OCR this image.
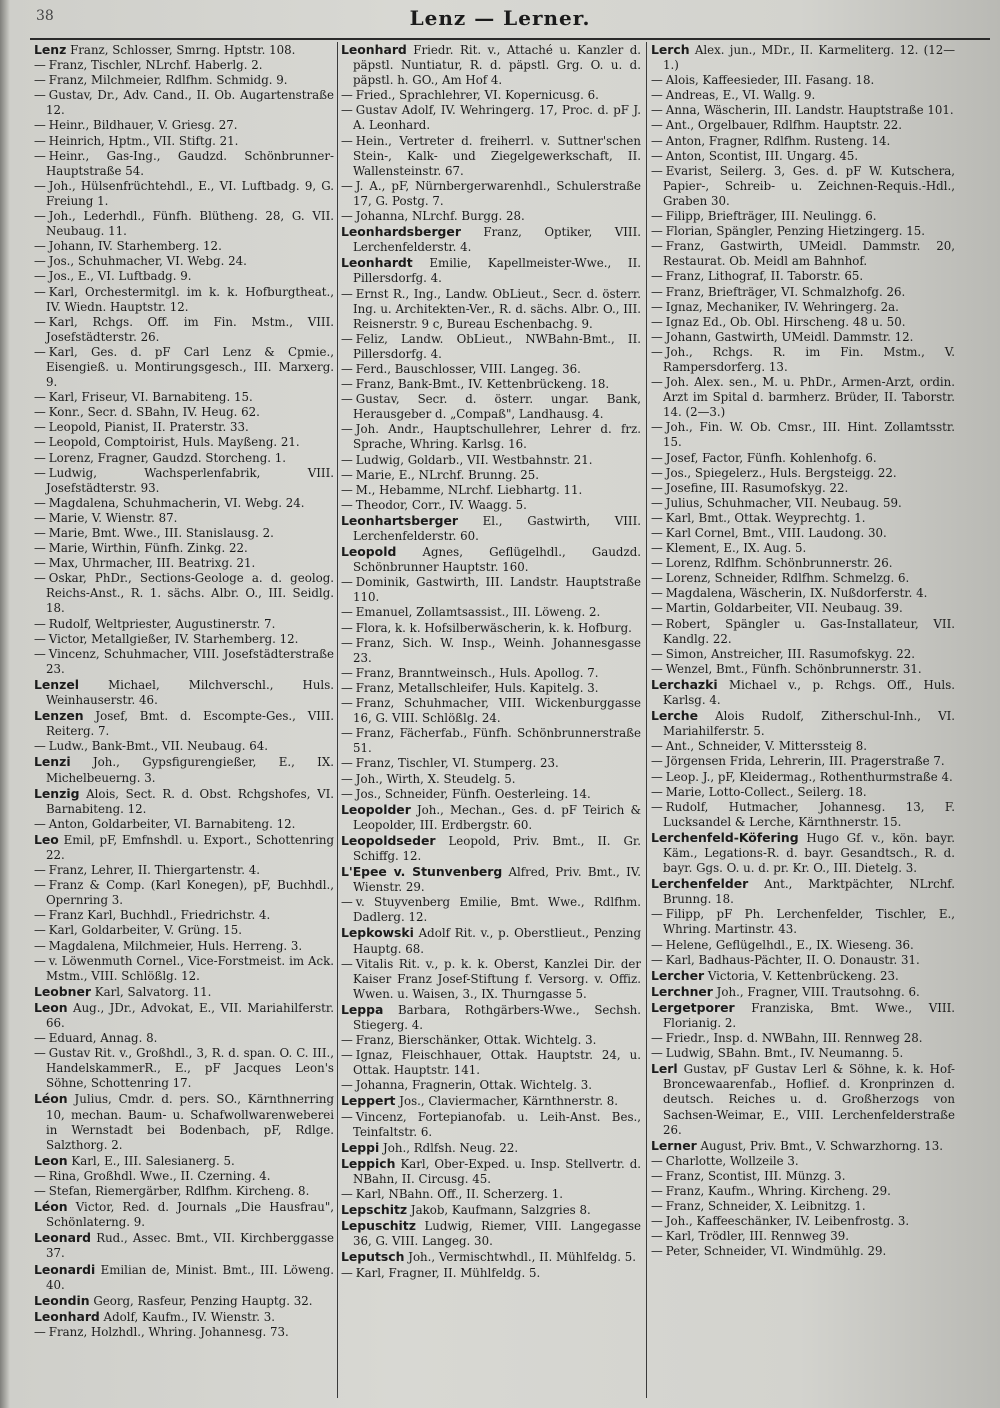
38	Lenz — Lerner.

Lenz Franz, Schlosser, Smrng. Hptstr. 108.

— Franz, Tischler, NLrchf. Haberlg. 2.

— Franz, Milchmeier, Rdlfhm. Schmidg. 9.

— Gustav, Dr., Adv. Cand., II. Ob. Augartenstraße 12.

— Heinr., Bildhauer, V. Griesg. 27.

— Heinrich, Hptm., VII. Stiftg. 21.

— Heinr., Gas-Ing., Gaudzd. Schönbrunner-Hauptstraße 54.

— Joh., Hülsenfrüchtehdl., E., VI. Luftbadg. 9, G. Freiung 1.

— Joh., Lederhdl., Fünfh. Blütheng. 28, G. VII. Neubaug. 11.

— Johann, IV. Starhemberg. 12.

— Jos., Schuhmacher, VI. Webg. 24.

— Jos., E., VI. Luftbadg. 9.

— Karl, Orchestermitgl. im k. k. Hofburgtheat., IV. Wiedn. Hauptstr. 12.

— Karl, Rchgs. Off. im Fin. Mstm., VIII. Josefstädterstr. 26.

— Karl, Ges. d. pF Carl Lenz & Cpmie., Eisengieß. u. Montirungsgesch., III. Marxerg. 9.

— Karl, Friseur, VI. Barnabiteng. 15.

— Konr., Secr. d. SBahn, IV. Heug. 62.

— Leopold, Pianist, II. Praterstr. 33.

— Leopold, Comptoirist, Huls. Mayßeng. 21.

— Lorenz, Fragner, Gaudzd. Storcheng. 1.

— Ludwig, Wachsperlenfabrik, VIII. Josefstädterstr. 93.

— Magdalena, Schuhmacherin, VI. Webg. 24.

— Marie, V. Wienstr. 87.

— Marie, Bmt. Wwe., III. Stanislausg. 2.

— Marie, Wirthin, Fünfh. Zinkg. 22.

— Max, Uhrmacher, III. Beatrixg. 21.

— Oskar, PhDr., Sections-Geologe a. d. geolog. Reichs-Anst., R. 1. sächs. Albr. O., III. Seidlg. 18.

— Rudolf, Weltpriester, Augustinerstr. 7.

— Victor, Metallgießer, IV. Starhemberg. 12.

— Vincenz, Schuhmacher, VIII. Josefstädterstraße 23.

Lenzel Michael, Milchverschl., Huls. Weinhauserstr. 46.

Lenzen Josef, Bmt. d. Escompte-Ges., VIII. Reiterg. 7.

— Ludw., Bank-Bmt., VII. Neubaug. 64.

Lenzi Joh., Gypsfigurengießer, E., IX. Michelbeuerng. 3.

Lenzig Alois, Sect. R. d. Obst. Rchgshofes, VI. Barnabiteng. 12.

— Anton, Goldarbeiter, VI. Barnabiteng. 12.

Leo Emil, pF, Emfnshdl. u. Export., Schottenring 22.

— Franz, Lehrer, II. Thiergartenstr. 4.

— Franz & Comp. (Karl Konegen), pF, Buchhdl., Opernring 3.

— Franz Karl, Buchhdl., Friedrichstr. 4.

— Karl, Goldarbeiter, V. Grüng. 15.

— Magdalena, Milchmeier, Huls. Herreng. 3.

— v. Löwenmuth Cornel., Vice-Forstmeist. im Ack. Mstm., VIII. Schlößlg. 12.

Leobner Karl, Salvatorg. 11.

Leon Aug., JDr., Advokat, E., VII. Mariahilferstr. 66.

— Eduard, Annag. 8.

— Gustav Rit. v., Großhdl., 3, R. d. span. O. C. III., HandelskammerR., E., pF Jacques Leon's Söhne, Schottenring 17.

Léon Julius, Cmdr. d. pers. SO., Kärnthnerring 10, mechan. Baum- u. Schafwollwarenweberei in Wernstadt bei Bodenbach, pF, Rdlge. Salzthorg. 2.

Leon Karl, E., III. Salesianerg. 5.

— Rina, Großhdl. Wwe., II. Czerning. 4.

— Stefan, Riemergärber, Rdlfhm. Kircheng. 8.

Léon Victor, Red. d. Journals „Die Hausfrau", Schönlaterng. 9.

Leonard Rud., Assec. Bmt., VII. Kirchberggasse 37.

Leonardi Emilian de, Minist. Bmt., III. Löweng. 40.

Leondin Georg, Rasfeur, Penzing Hauptg. 32.

Leonhard Adolf, Kaufm., IV. Wienstr. 3.

— Franz, Holzhdl., Whring. Johannesg. 73.

Leonhard Friedr. Rit. v., Attaché u. Kanzler d. päpstl. Nuntiatur, R. d. päpstl. Grg. O. u. d. päpstl. h. GO., Am Hof 4.

— Fried., Sprachlehrer, VI. Kopernicusg. 6.

— Gustav Adolf, IV. Wehringerg. 17, Proc. d. pF J. A. Leonhard.

— Hein., Vertreter d. freiherrl. v. Suttner'schen Stein-, Kalk- und Ziegelgewerkschaft, II. Wallensteinstr. 67.

— J. A., pF, Nürnbergerwarenhdl., Schulerstraße 17, G. Postg. 7.

— Johanna, NLrchf. Burgg. 28.

Leonhardsberger Franz, Optiker, VIII. Lerchenfelderstr. 4.

Leonhardt Emilie, Kapellmeister-Wwe., II. Pillersdorfg. 4.

— Ernst R., Ing., Landw. ObLieut., Secr. d. österr. Ing. u. Architekten-Ver., R. d. sächs. Albr. O., III. Reisnerstr. 9 c, Bureau Eschenbachg. 9.

— Feliz, Landw. ObLieut., NWBahn-Bmt., II. Pillersdorfg. 4.

— Ferd., Bauschlosser, VIII. Langeg. 36.

— Franz, Bank-Bmt., IV. Kettenbrückeng. 18.

— Gustav, Secr. d. österr. ungar. Bank, Herausgeber d. „Compaß", Landhausg. 4.

— Joh. Andr., Hauptschullehrer, Lehrer d. frz. Sprache, Whring. Karlsg. 16.

— Ludwig, Goldarb., VII. Westbahnstr. 21.

— Marie, E., NLrchf. Brunng. 25.

— M., Hebamme, NLrchf. Liebhartg. 11.

— Theodor, Corr., IV. Waagg. 5.

Leonhartsberger El., Gastwirth, VIII. Lerchenfelderstr. 60.

Leopold Agnes, Geflügelhdl., Gaudzd. Schönbrunner Hauptstr. 160.

— Dominik, Gastwirth, III. Landstr. Hauptstraße 110.

— Emanuel, Zollamtsassist., III. Löweng. 2.

— Flora, k. k. Hofsilberwäscherin, k. k. Hofburg.

— Franz, Sich. W. Insp., Weinh. Johannesgasse 23.

— Franz, Branntweinsch., Huls. Apollog. 7.

— Franz, Metallschleifer, Huls. Kapitelg. 3.

— Franz, Schuhmacher, VIII. Wickenburggasse 16, G. VIII. Schlößlg. 24.

— Franz, Fächerfab., Fünfh. Schönbrunnerstraße 51.

— Franz, Tischler, VI. Stumperg. 23.

— Joh., Wirth, X. Steudelg. 5.

— Jos., Schneider, Fünfh. Oesterleing. 14.

Leopolder Joh., Mechan., Ges. d. pF Teirich & Leopolder, III. Erdbergstr. 60.

Leopoldseder Leopold, Priv. Bmt., II. Gr. Schiffg. 12.

L'Epee v. Stunvenberg Alfred, Priv. Bmt., IV. Wienstr. 29.

— v. Stuyvenberg Emilie, Bmt. Wwe., Rdlfhm. Dadlerg. 12.

Lepkowski Adolf Rit. v., p. Oberstlieut., Penzing Hauptg. 68.

— Vitalis Rit. v., p. k. k. Oberst, Kanzlei Dir. der Kaiser Franz Josef-Stiftung f. Versorg. v. Offiz. Wwen. u. Waisen, 3., IX. Thurngasse 5.

Leppa Barbara, Rothgärbers-Wwe., Sechsh. Stiegerg. 4.

— Franz, Bierschänker, Ottak. Wichtelg. 3.

— Ignaz, Fleischhauer, Ottak. Hauptstr. 24, u. Ottak. Hauptstr. 141.

— Johanna, Fragnerin, Ottak. Wichtelg. 3.

Leppert Jos., Claviermacher, Kärnthnerstr. 8.

— Vincenz, Fortepianofab. u. Leih-Anst. Bes., Teinfaltstr. 6.

Leppi Joh., Rdlfsh. Neug. 22.

Leppich Karl, Ober-Exped. u. Insp. Stellvertr. d. NBahn, II. Circusg. 45.

— Karl, NBahn. Off., II. Scherzerg. 1.

Lepschitz Jakob, Kaufmann, Salzgries 8.

Lepuschitz Ludwig, Riemer, VIII. Langegasse 36, G. VIII. Langeg. 30.

Leputsch Joh., Vermischtwhdl., II. Mühlfeldg. 5.

— Karl, Fragner, II. Mühlfeldg. 5.

Lerch Alex. jun., MDr., II. Karmeliterg. 12. (12—1.)

— Alois, Kaffeesieder, III. Fasang. 18.

— Andreas, E., VI. Wallg. 9.

— Anna, Wäscherin, III. Landstr. Hauptstraße 101.

— Ant., Orgelbauer, Rdlfhm. Hauptstr. 22.

— Anton, Fragner, Rdlfhm. Rusteng. 14.

— Anton, Scontist, III. Ungarg. 45.

— Evarist, Seilerg. 3, Ges. d. pF W. Kutschera, Papier-, Schreib- u. Zeichnen-Requis.-Hdl., Graben 30.

— Filipp, Briefträger, III. Neulingg. 6.

— Florian, Spängler, Penzing Hietzingerg. 15.

— Franz, Gastwirth, UMeidl. Dammstr. 20, Restaurat. Ob. Meidl am Bahnhof.

— Franz, Lithograf, II. Taborstr. 65.

— Franz, Briefträger, VI. Schmalzhofg. 26.

— Ignaz, Mechaniker, IV. Wehringerg. 2a.

— Ignaz Ed., Ob. Obl. Hirscheng. 48 u. 50.

— Johann, Gastwirth, UMeidl. Dammstr. 12.

— Joh., Rchgs. R. im Fin. Mstm., V. Rampersdorferg. 13.

— Joh. Alex. sen., M. u. PhDr., Armen-Arzt, ordin. Arzt im Spital d. barmherz. Brüder, II. Taborstr. 14. (2—3.)

— Joh., Fin. W. Ob. Cmsr., III. Hint. Zollamtsstr. 15.

— Josef, Factor, Fünfh. Kohlenhofg. 6.

— Jos., Spiegelerz., Huls. Bergsteigg. 22.

— Josefine, III. Rasumofskyg. 22.

— Julius, Schuhmacher, VII. Neubaug. 59.

— Karl, Bmt., Ottak. Weyprechtg. 1.

— Karl Cornel, Bmt., VIII. Laudong. 30.

— Klement, E., IX. Aug. 5.

— Lorenz, Rdlfhm. Schönbrunnerstr. 26.

— Lorenz, Schneider, Rdlfhm. Schmelzg. 6.

— Magdalena, Wäscherin, IX. Nußdorferstr. 4.

— Martin, Goldarbeiter, VII. Neubaug. 39.

— Robert, Spängler u. Gas-Installateur, VII. Kandlg. 22.

— Simon, Anstreicher, III. Rasumofskyg. 22.

— Wenzel, Bmt., Fünfh. Schönbrunnerstr. 31.

Lerchazki Michael v., p. Rchgs. Off., Huls. Karlsg. 4.

Lerche Alois Rudolf, Zitherschul-Inh., VI. Mariahilferstr. 5.

— Ant., Schneider, V. Mitterssteig 8.

— Jörgensen Frida, Lehrerin, III. Pragerstraße 7.

— Leop. J., pF, Kleidermag., Rothenthurmstraße 4.

— Marie, Lotto-Collect., Seilerg. 18.

— Rudolf, Hutmacher, Johannesg. 13, F. Lucksandel & Lerche, Kärnthnerstr. 15.

Lerchenfeld-Köfering Hugo Gf. v., kön. bayr. Käm., Legations-R. d. bayr. Gesandtsch., R. d. bayr. Ggs. O. u. d. pr. Kr. O., III. Dietelg. 3.

Lerchenfelder Ant., Marktpächter, NLrchf. Brunng. 18.

— Filipp, pF Ph. Lerchenfelder, Tischler, E., Whring. Martinstr. 43.

— Helene, Geflügelhdl., E., IX. Wieseng. 36.

— Karl, Badhaus-Pächter, II. O. Donaustr. 31.

Lercher Victoria, V. Kettenbrückeng. 23.

Lerchner Joh., Fragner, VIII. Trautsohng. 6.

Lergetporer Franziska, Bmt. Wwe., VIII. Florianig. 2.

— Friedr., Insp. d. NWBahn, III. Rennweg 28.

— Ludwig, SBahn. Bmt., IV. Neumanng. 5.

Lerl Gustav, pF Gustav Lerl & Söhne, k. k. Hof-Broncewaarenfab., Hoflief. d. Kronprinzen d. deutsch. Reiches u. d. Großherzogs von Sachsen-Weimar, E., VIII. Lerchenfelderstraße 26.

Lerner August, Priv. Bmt., V. Schwarzhorng. 13.

— Charlotte, Wollzeile 3.

— Franz, Scontist, III. Münzg. 3.

— Franz, Kaufm., Whring. Kircheng. 29.

— Franz, Schneider, X. Leibnitzg. 1.

— Joh., Kaffeeschänker, IV. Leibenfrostg. 3.

— Karl, Trödler, III. Rennweg 39.

— Peter, Schneider, VI. Windmühlg. 29.
